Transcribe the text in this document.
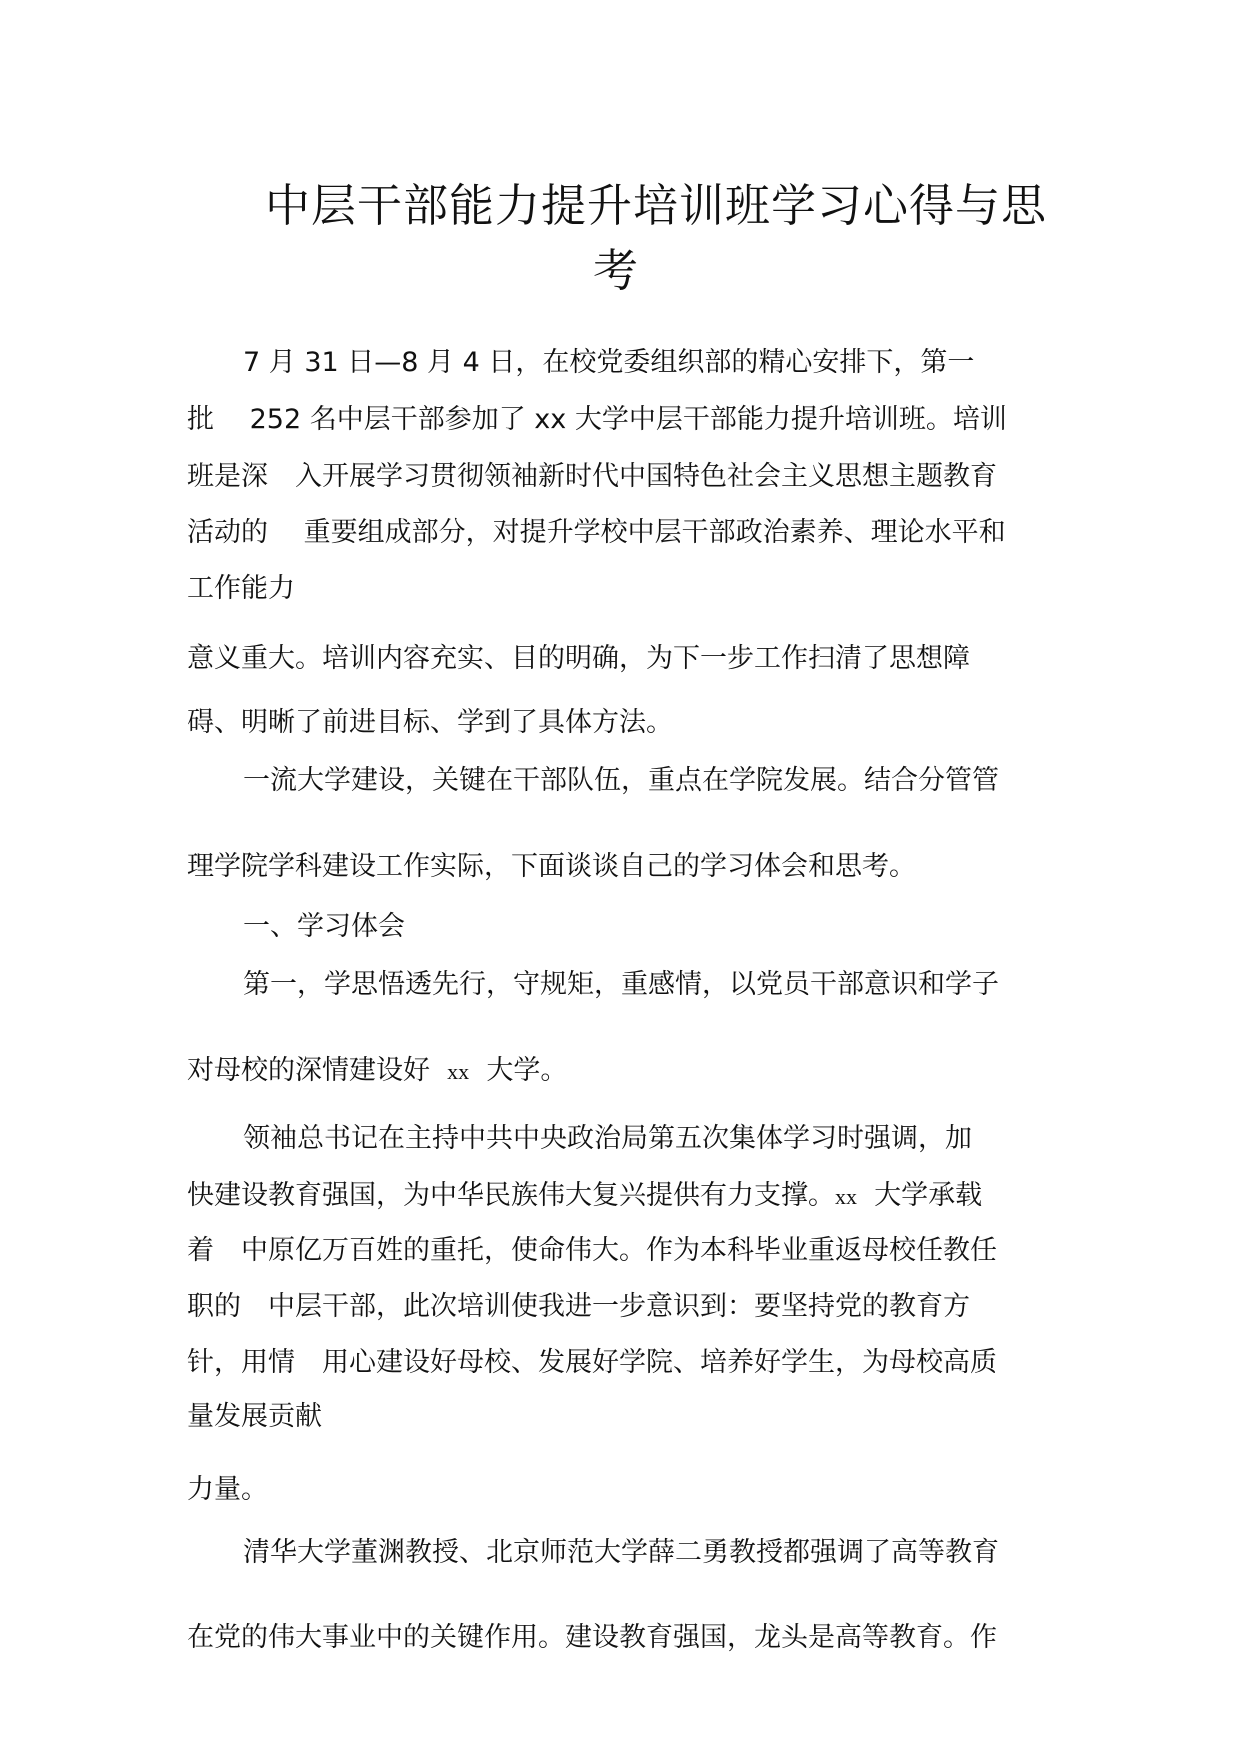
中层干部能力提升培训班学习心得与思
考

7 月 31 日—8 月 4 日，在校党委组织部的精心安排下，第一

批　 252 名中层干部参加了 xx 大学中层干部能力提升培训班。培训

班是深　入开展学习贯彻领袖新时代中国特色社会主义思想主题教育

活动的　 重要组成部分，对提升学校中层干部政治素养、理论水平和

工作能力

意义重大。培训内容充实、目的明确，为下一步工作扫清了思想障

碍、明晰了前进目标、学到了具体方法。

一流大学建设，关键在干部队伍，重点在学院发展。结合分管管

理学院学科建设工作实际，下面谈谈自己的学习体会和思考。

一、学习体会

第一，学思悟透先行，守规矩，重感情，以党员干部意识和学子

对母校的深情建设好 xx 大学。

领袖总书记在主持中共中央政治局第五次集体学习时强调，加

快建设教育强国，为中华民族伟大复兴提供有力支撑。xx 大学承载

着　中原亿万百姓的重托，使命伟大。作为本科毕业重返母校任教任

职的　中层干部，此次培训使我进一步意识到：要坚持党的教育方

针，用情　用心建设好母校、发展好学院、培养好学生，为母校高质

量发展贡献

力量。

清华大学董渊教授、北京师范大学薛二勇教授都强调了高等教育

在党的伟大事业中的关键作用。建设教育强国，龙头是高等教育。作
